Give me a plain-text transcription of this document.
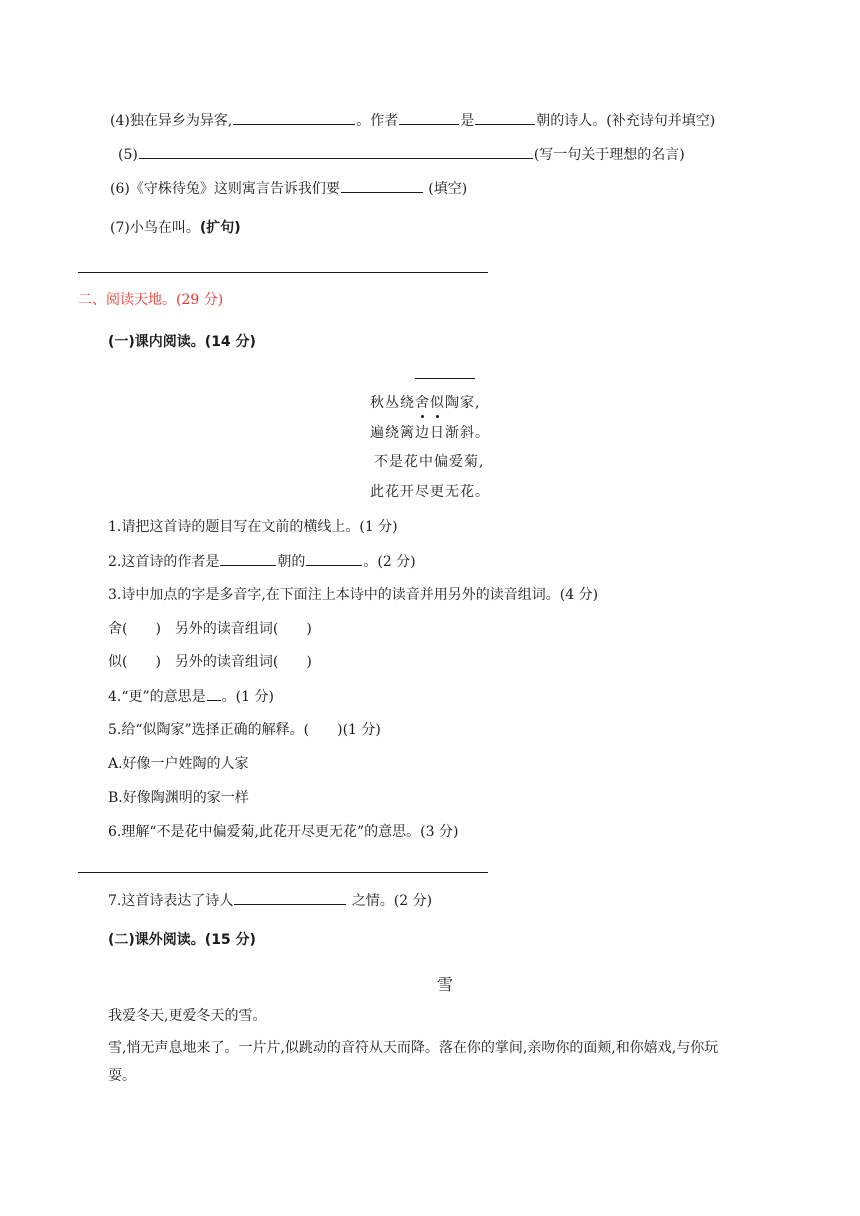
(4)独在异乡为异客,	。作者	是	朝的诗人。(补充诗句并填空)
(5)	(写一句关于理想的名言)
(6)《守株待兔》这则寓言告诉我们要	(填空)
(7)小鸟在叫。(扩句)
二、阅读天地。(29 分)
(一)课内阅读。(14 分)
秋丛绕舍似陶家,
遍绕篱边日渐斜。
不是花中偏爱菊,
此花开尽更无花。
1.请把这首诗的题目写在文前的横线上。(1 分)
2.这首诗的作者是	朝的	。(2 分)
3.诗中加点的字是多音字,在下面注上本诗中的读音并用另外的读音组词。(4 分)
舍(　　)　另外的读音组词(　　)
似(　　)　另外的读音组词(　　)
4.“更”的意思是 。(1 分)
5.给“似陶家”选择正确的解释。(　　)(1 分)
A.好像一户姓陶的人家
B.好像陶渊明的家一样
6.理解“不是花中偏爱菊,此花开尽更无花”的意思。(3 分)
7.这首诗表达了诗人	之情。(2 分)
(二)课外阅读。(15 分)
雪
我爱冬天,更爱冬天的雪。
雪,悄无声息地来了。一片片,似跳动的音符从天而降。落在你的掌间,亲吻你的面颊,和你嬉戏,与你玩
耍。
